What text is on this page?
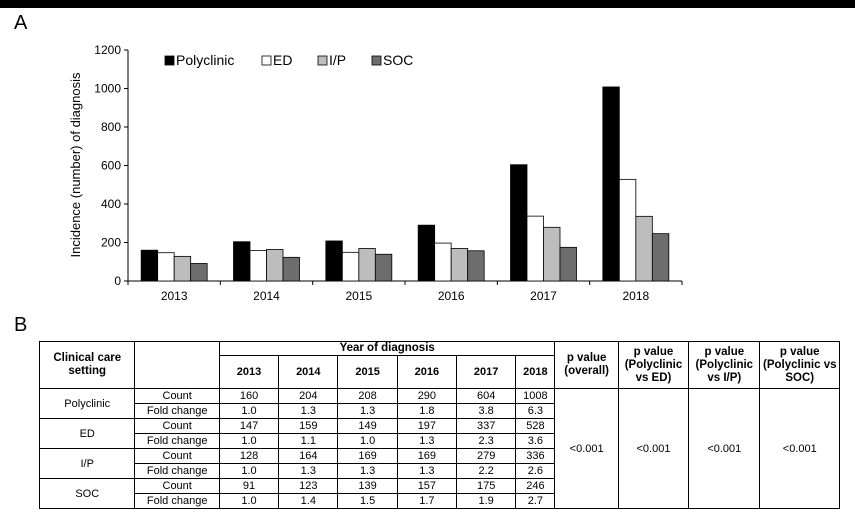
A
B
0
200
400
600
800
1000
1200
2013	2014	2015	2016	2017	2018
Polyclinic	ED	I/P	SOC
Incidence (number) of diagnosis
Clinical care setting		Year of diagnosis						p value (overall)	p value (Polyclinic vs ED)	p value (Polyclinic vs I/P)	p value (Polyclinic vs SOC)
		2013	2014	2015	2016	2017	2018				
Polyclinic	Count	160	204	208	290	604	1008	<0.001	<0.001	<0.001	<0.001
	Fold change	1.0	1.3	1.3	1.8	3.8	6.3				
ED	Count	147	159	149	197	337	528				
	Fold change	1.0	1.1	1.0	1.3	2.3	3.6				
I/P	Count	128	164	169	169	279	336				
	Fold change	1.0	1.3	1.3	1.3	2.2	2.6				
SOC	Count	91	123	139	157	175	246				
	Fold change	1.0	1.4	1.5	1.7	1.9	2.7				
